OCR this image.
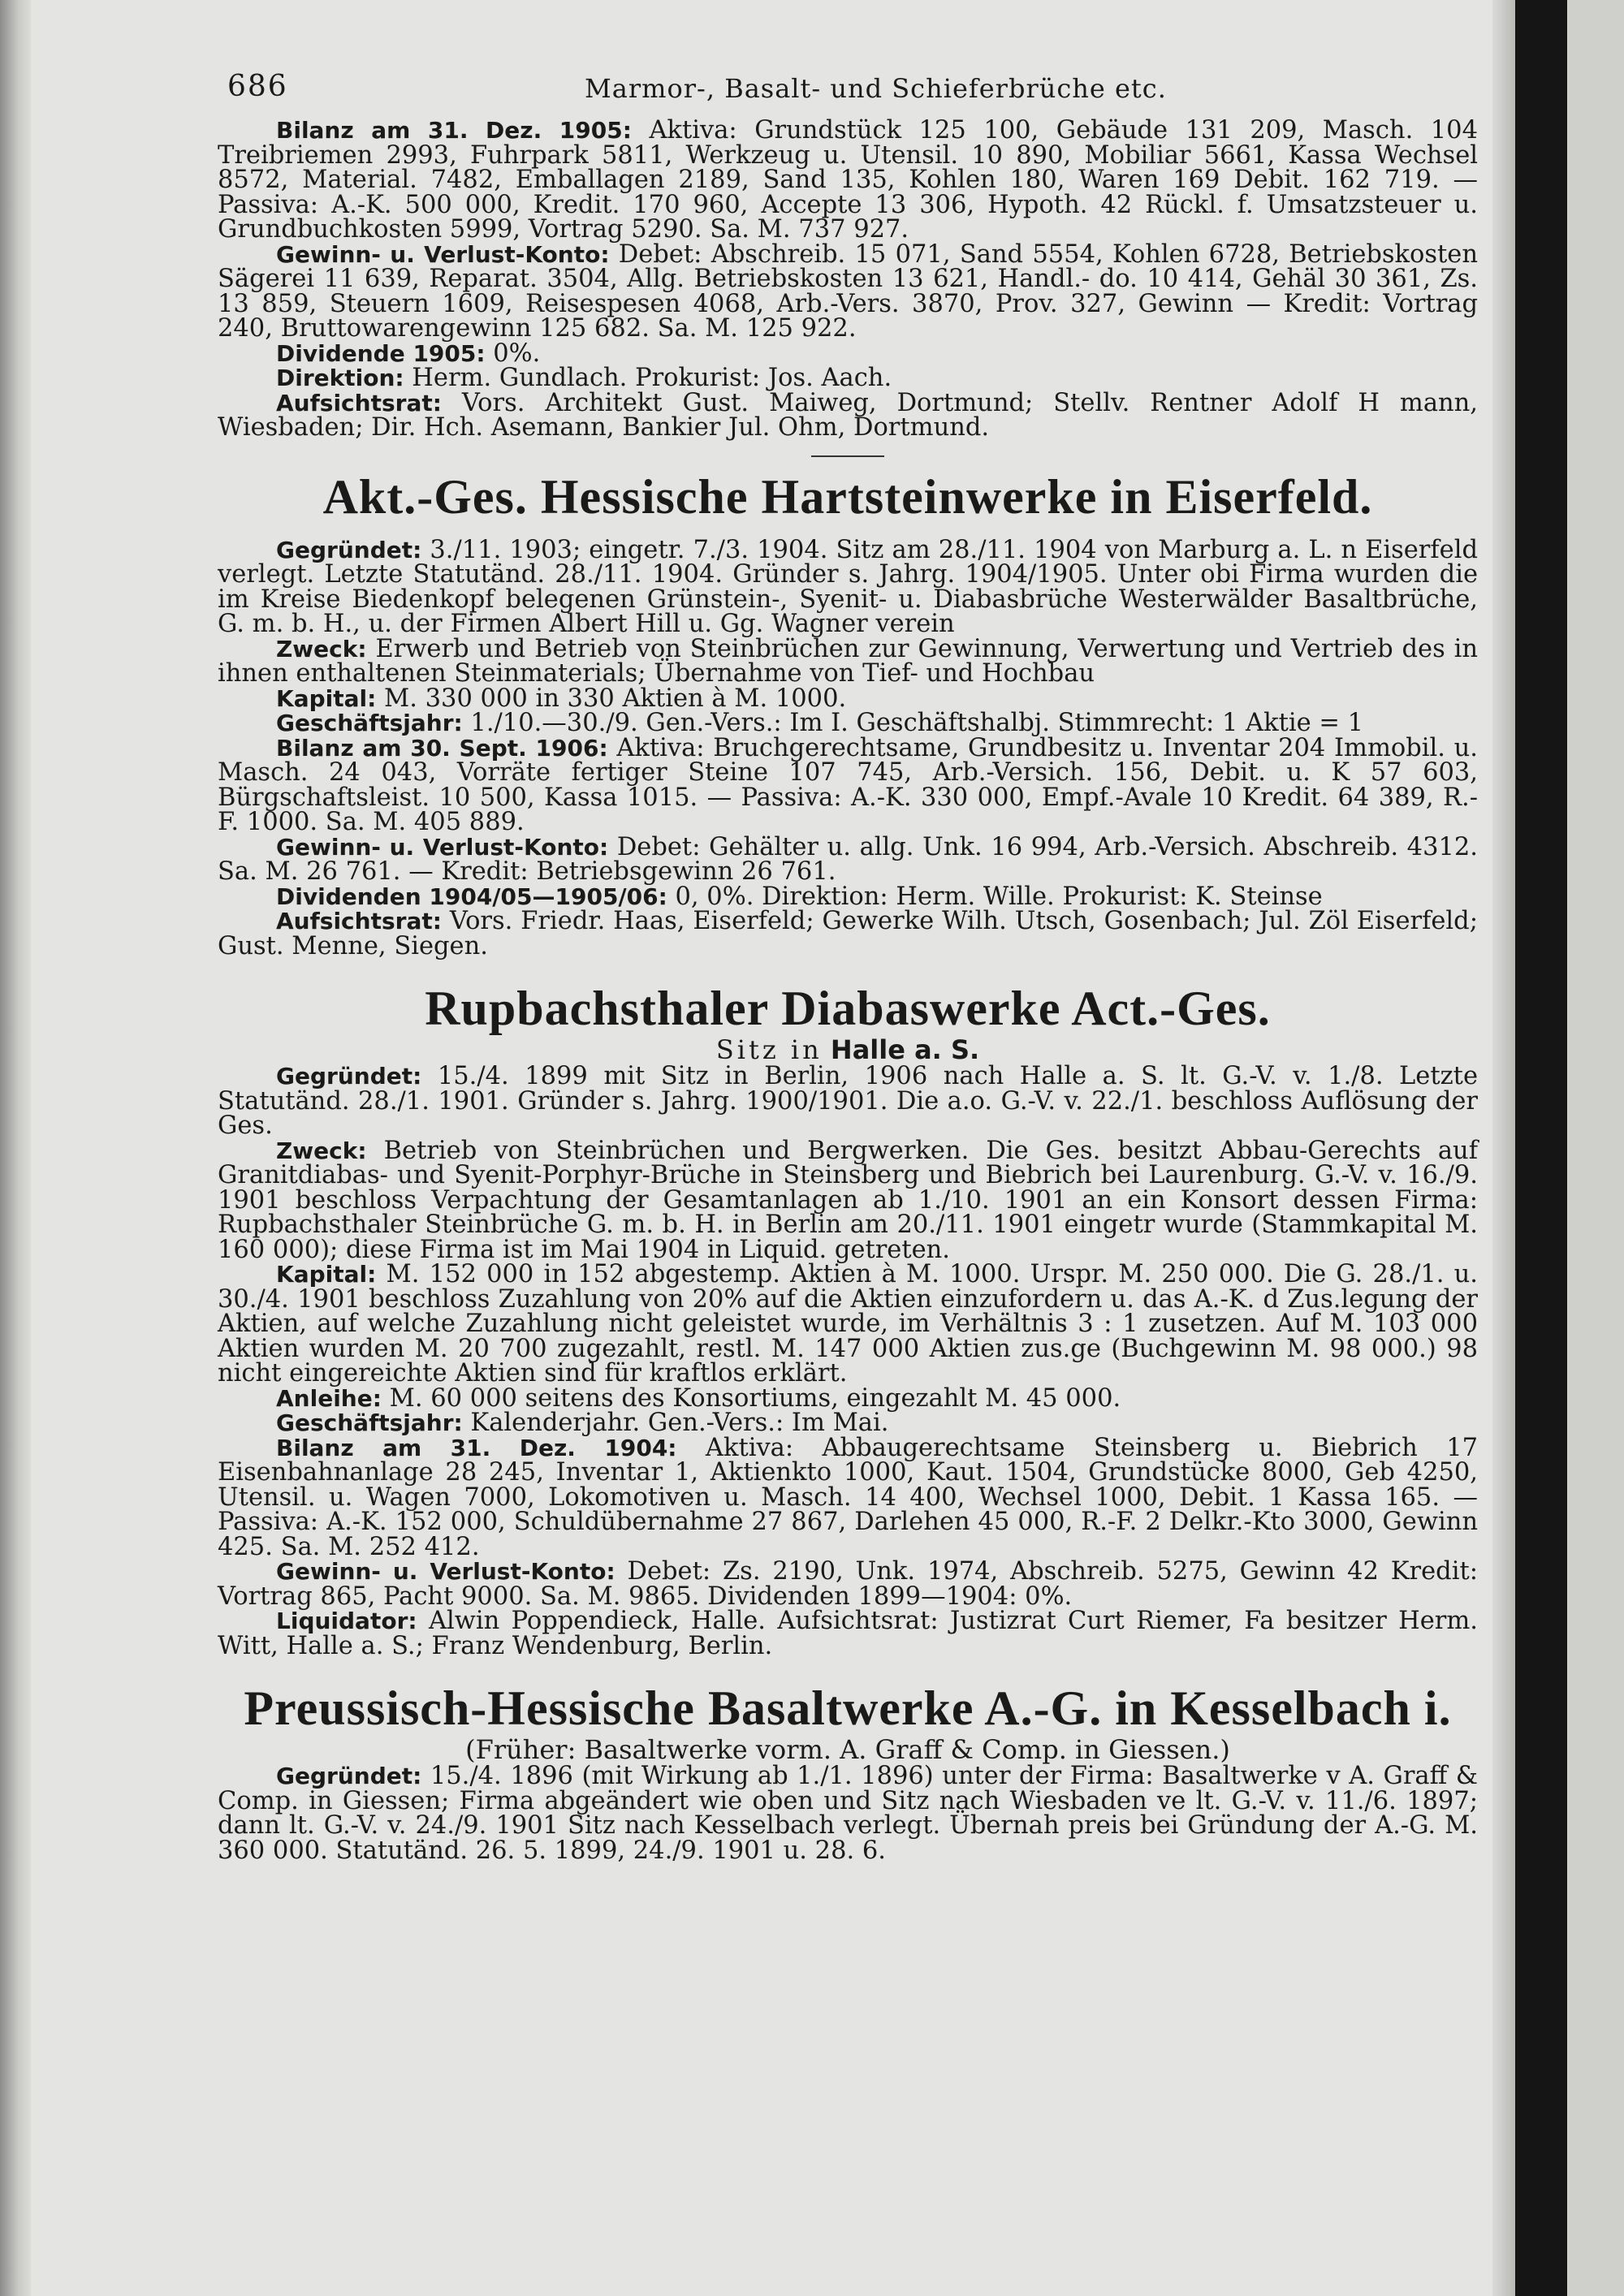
686	Marmor-, Basalt- und Schieferbrüche etc.

Bilanz am 31. Dez. 1905: Aktiva: Grundstück 125 100, Gebäude 131 209, Masch. 104 Treibriemen 2993, Fuhrpark 5811, Werkzeug u. Utensil. 10 890, Mobiliar 5661, Kassa Wechsel 8572, Material. 7482, Emballagen 2189, Sand 135, Kohlen 180, Waren 169 Debit. 162 719. — Passiva: A.-K. 500 000, Kredit. 170 960, Accepte 13 306, Hypoth. 42 Rückl. f. Umsatzsteuer u. Grundbuchkosten 5999, Vortrag 5290. Sa. M. 737 927.

Gewinn- u. Verlust-Konto: Debet: Abschreib. 15 071, Sand 5554, Kohlen 6728, Betriebskosten Sägerei 11 639, Reparat. 3504, Allg. Betriebskosten 13 621, Handl.- do. 10 414, Gehäl 30 361, Zs. 13 859, Steuern 1609, Reisespesen 4068, Arb.-Vers. 3870, Prov. 327, Gewinn — Kredit: Vortrag 240, Bruttowarengewinn 125 682. Sa. M. 125 922.

Dividende 1905: 0%.

Direktion: Herm. Gundlach. Prokurist: Jos. Aach.

Aufsichtsrat: Vors. Architekt Gust. Maiweg, Dortmund; Stellv. Rentner Adolf H mann, Wiesbaden; Dir. Hch. Asemann, Bankier Jul. Ohm, Dortmund.

Akt.-Ges. Hessische Hartsteinwerke in Eiserfeld.

Gegründet: 3./11. 1903; eingetr. 7./3. 1904. Sitz am 28./11. 1904 von Marburg a. L. n Eiserfeld verlegt. Letzte Statutänd. 28./11. 1904. Gründer s. Jahrg. 1904/1905. Unter obi Firma wurden die im Kreise Biedenkopf belegenen Grünstein-, Syenit- u. Diabasbrüche Westerwälder Basaltbrüche, G. m. b. H., u. der Firmen Albert Hill u. Gg. Wagner verein

Zweck: Erwerb und Betrieb von Steinbrüchen zur Gewinnung, Verwertung und Vertrieb des in ihnen enthaltenen Steinmaterials; Übernahme von Tief- und Hochbau

Kapital: M. 330 000 in 330 Aktien à M. 1000.

Geschäftsjahr: 1./10.—30./9. Gen.-Vers.: Im I. Geschäftshalbj. Stimmrecht: 1 Aktie = 1

Bilanz am 30. Sept. 1906: Aktiva: Bruchgerechtsame, Grundbesitz u. Inventar 204 Immobil. u. Masch. 24 043, Vorräte fertiger Steine 107 745, Arb.-Versich. 156, Debit. u. K 57 603, Bürgschaftsleist. 10 500, Kassa 1015. — Passiva: A.-K. 330 000, Empf.-Avale 10 Kredit. 64 389, R.-F. 1000. Sa. M. 405 889.

Gewinn- u. Verlust-Konto: Debet: Gehälter u. allg. Unk. 16 994, Arb.-Versich. Abschreib. 4312. Sa. M. 26 761. — Kredit: Betriebsgewinn 26 761.

Dividenden 1904/05—1905/06: 0, 0%. Direktion: Herm. Wille. Prokurist: K. Steinse

Aufsichtsrat: Vors. Friedr. Haas, Eiserfeld; Gewerke Wilh. Utsch, Gosenbach; Jul. Zöl Eiserfeld; Gust. Menne, Siegen.

Rupbachsthaler Diabaswerke Act.-Ges.

Sitz in Halle a. S.

Gegründet: 15./4. 1899 mit Sitz in Berlin, 1906 nach Halle a. S. lt. G.-V. v. 1./8. Letzte Statutänd. 28./1. 1901. Gründer s. Jahrg. 1900/1901. Die a.o. G.-V. v. 22./1. beschloss Auflösung der Ges.

Zweck: Betrieb von Steinbrüchen und Bergwerken. Die Ges. besitzt Abbau-Gerechts auf Granitdiabas- und Syenit-Porphyr-Brüche in Steinsberg und Biebrich bei Laurenburg. G.-V. v. 16./9. 1901 beschloss Verpachtung der Gesamtanlagen ab 1./10. 1901 an ein Konsort dessen Firma: Rupbachsthaler Steinbrüche G. m. b. H. in Berlin am 20./11. 1901 eingetr wurde (Stammkapital M. 160 000); diese Firma ist im Mai 1904 in Liquid. getreten.

Kapital: M. 152 000 in 152 abgestemp. Aktien à M. 1000. Urspr. M. 250 000. Die G. 28./1. u. 30./4. 1901 beschloss Zuzahlung von 20% auf die Aktien einzufordern u. das A.-K. d Zus.legung der Aktien, auf welche Zuzahlung nicht geleistet wurde, im Verhältnis 3 : 1 zusetzen. Auf M. 103 000 Aktien wurden M. 20 700 zugezahlt, restl. M. 147 000 Aktien zus.ge (Buchgewinn M. 98 000.) 98 nicht eingereichte Aktien sind für kraftlos erklärt.

Anleihe: M. 60 000 seitens des Konsortiums, eingezahlt M. 45 000.

Geschäftsjahr: Kalenderjahr. Gen.-Vers.: Im Mai.

Bilanz am 31. Dez. 1904: Aktiva: Abbaugerechtsame Steinsberg u. Biebrich 17 Eisenbahnanlage 28 245, Inventar 1, Aktienkto 1000, Kaut. 1504, Grundstücke 8000, Geb 4250, Utensil. u. Wagen 7000, Lokomotiven u. Masch. 14 400, Wechsel 1000, Debit. 1 Kassa 165. — Passiva: A.-K. 152 000, Schuldübernahme 27 867, Darlehen 45 000, R.-F. 2 Delkr.-Kto 3000, Gewinn 425. Sa. M. 252 412.

Gewinn- u. Verlust-Konto: Debet: Zs. 2190, Unk. 1974, Abschreib. 5275, Gewinn 42 Kredit: Vortrag 865, Pacht 9000. Sa. M. 9865. Dividenden 1899—1904: 0%.

Liquidator: Alwin Poppendieck, Halle. Aufsichtsrat: Justizrat Curt Riemer, Fa besitzer Herm. Witt, Halle a. S.; Franz Wendenburg, Berlin.

Preussisch-Hessische Basaltwerke A.-G. in Kesselbach i.

(Früher: Basaltwerke vorm. A. Graff & Comp. in Giessen.)

Gegründet: 15./4. 1896 (mit Wirkung ab 1./1. 1896) unter der Firma: Basaltwerke v A. Graff & Comp. in Giessen; Firma abgeändert wie oben und Sitz nach Wiesbaden ve lt. G.-V. v. 11./6. 1897; dann lt. G.-V. v. 24./9. 1901 Sitz nach Kesselbach verlegt. Übernah preis bei Gründung der A.-G. M. 360 000. Statutänd. 26. 5. 1899, 24./9. 1901 u. 28. 6.
